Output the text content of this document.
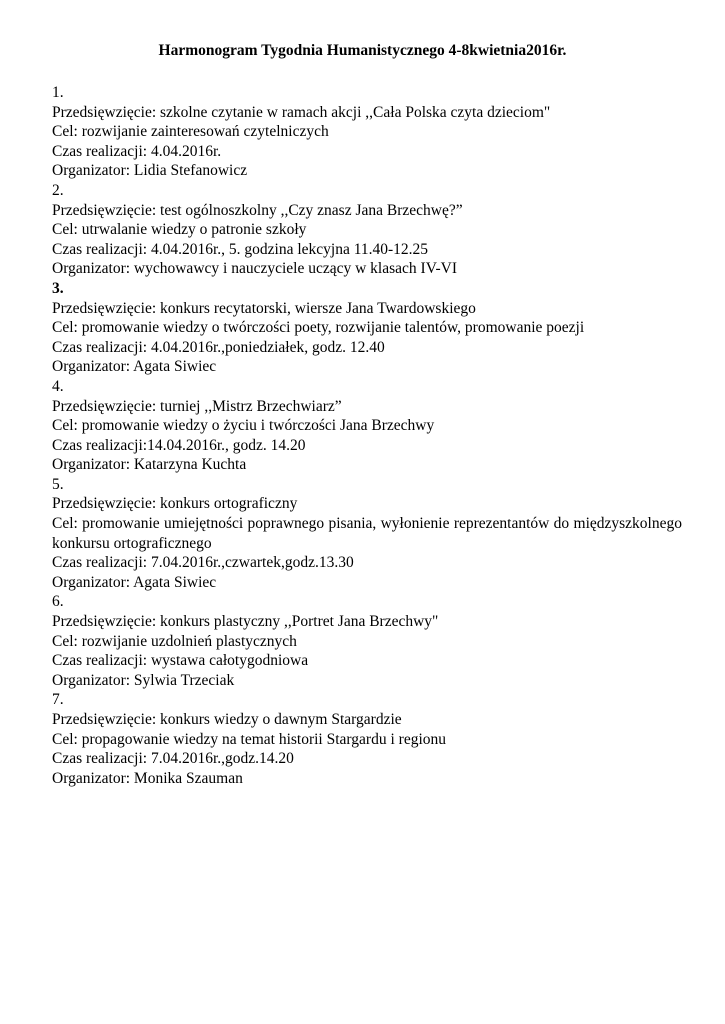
Harmonogram Tygodnia Humanistycznego 4-8kwietnia2016r.
1.
Przedsięwzięcie: szkolne czytanie w ramach akcji ,,Cała Polska czyta dzieciom"
Cel: rozwijanie zainteresowań czytelniczych
Czas realizacji: 4.04.2016r.
Organizator: Lidia Stefanowicz
2.
Przedsięwzięcie: test ogólnoszkolny ,,Czy znasz Jana Brzechwę?”
Cel: utrwalanie wiedzy o patronie szkoły
Czas realizacji: 4.04.2016r., 5. godzina lekcyjna 11.40-12.25
Organizator: wychowawcy i nauczyciele uczący w klasach IV-VI
3.
Przedsięwzięcie: konkurs recytatorski, wiersze Jana Twardowskiego
Cel: promowanie wiedzy o twórczości poety, rozwijanie talentów, promowanie poezji
Czas realizacji: 4.04.2016r.,poniedziałek, godz. 12.40
Organizator: Agata Siwiec
4.
Przedsięwzięcie: turniej ,,Mistrz Brzechwiarz”
Cel: promowanie wiedzy o życiu i twórczości Jana Brzechwy
Czas realizacji:14.04.2016r., godz. 14.20
Organizator: Katarzyna Kuchta
5.
Przedsięwzięcie: konkurs ortograficzny
Cel: promowanie umiejętności poprawnego pisania, wyłonienie reprezentantów do międzyszkolnego konkursu ortograficznego
Czas realizacji: 7.04.2016r.,czwartek,godz.13.30
Organizator: Agata Siwiec
6.
Przedsięwzięcie: konkurs plastyczny ,,Portret Jana Brzechwy"
Cel: rozwijanie uzdolnień plastycznych
Czas realizacji: wystawa całotygodniowa
Organizator: Sylwia Trzeciak
7.
Przedsięwzięcie: konkurs wiedzy o dawnym Stargardzie
Cel: propagowanie wiedzy na temat historii Stargardu i regionu
Czas realizacji: 7.04.2016r.,godz.14.20
Organizator: Monika Szauman
